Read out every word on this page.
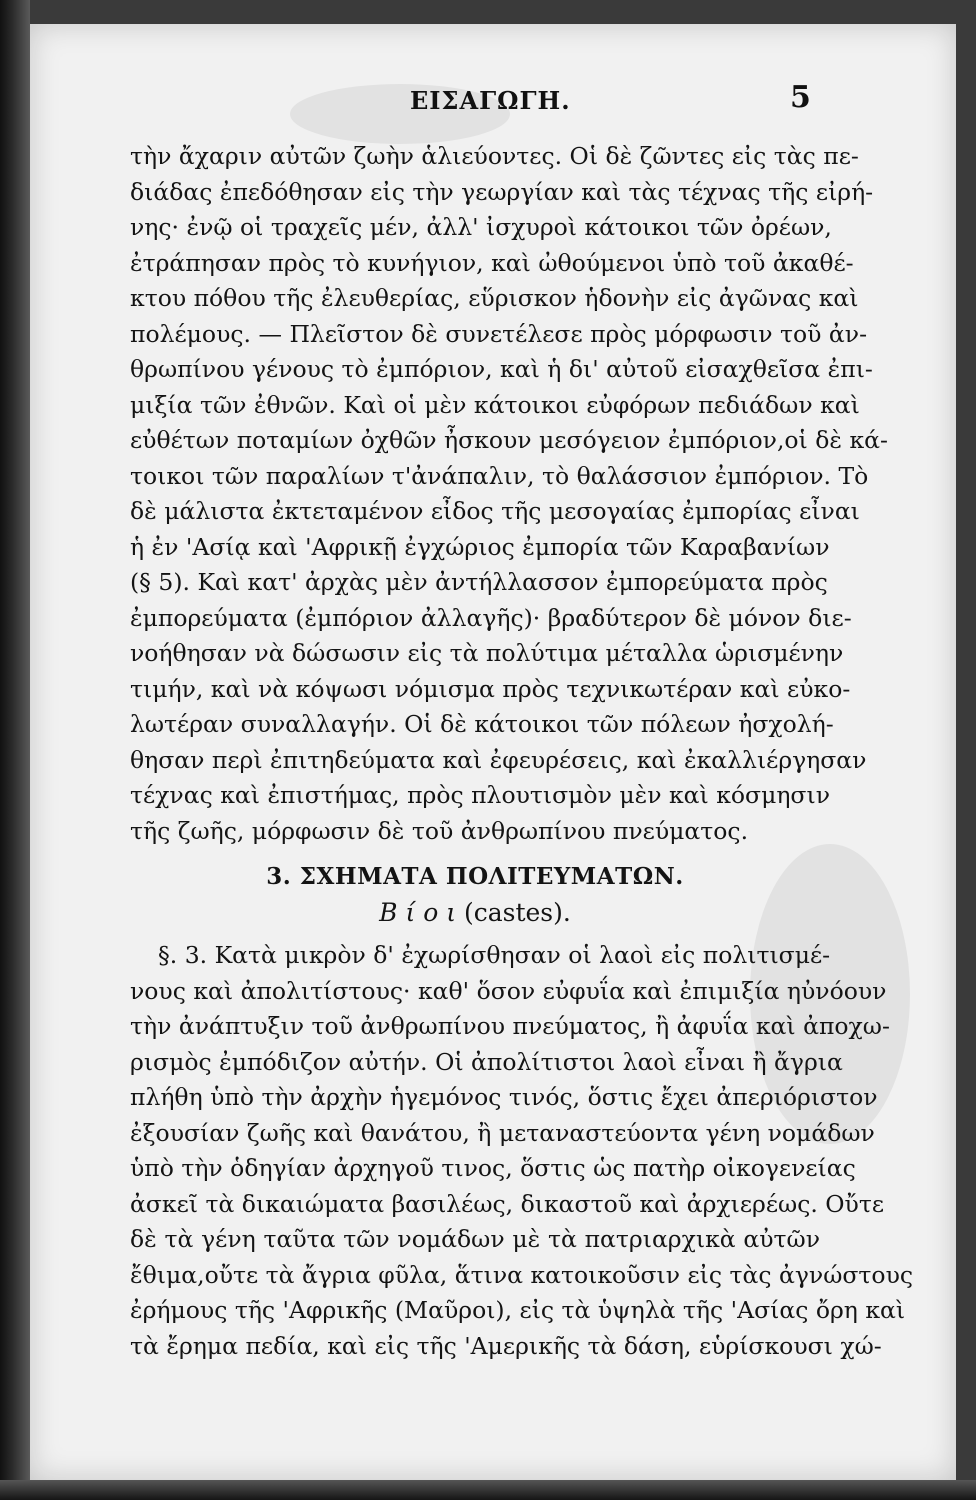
ΕΙΣΑΓΩΓΗ.	5
τὴν ἄχαριν αὐτῶν ζωὴν ἁλιεύοντες. Οἱ δὲ ζῶντες εἰς τὰς πε-
διάδας ἐπεδόθησαν εἰς τὴν γεωργίαν καὶ τὰς τέχνας τῆς εἰρή-
νης· ἐνῷ οἱ τραχεῖς μέν, ἀλλ' ἰσχυροὶ κάτοικοι τῶν ὀρέων,
ἐτράπησαν πρὸς τὸ κυνήγιον, καὶ ὠθούμενοι ὑπὸ τοῦ ἀκαθέ-
κτου πόθου τῆς ἐλευθερίας, εὕρισκον ἡδονὴν εἰς ἀγῶνας καὶ
πολέμους. — Πλεῖστον δὲ συνετέλεσε πρὸς μόρφωσιν τοῦ ἀν-
θρωπίνου γένους τὸ ἐμπόριον, καὶ ἡ δι' αὐτοῦ εἰσαχθεῖσα ἐπι-
μιξία τῶν ἐθνῶν. Καὶ οἱ μὲν κάτοικοι εὐφόρων πεδιάδων καὶ
εὐθέτων ποταμίων ὀχθῶν ἦσκουν μεσόγειον ἐμπόριον,οἱ δὲ κά-
τοικοι τῶν παραλίων τ'ἀνάπαλιν, τὸ θαλάσσιον ἐμπόριον. Τὸ
δὲ μάλιστα ἐκτεταμένον εἶδος τῆς μεσογαίας ἐμπορίας εἶναι
ἡ ἐν 'Ασίᾳ καὶ 'Αφρικῇ ἐγχώριος ἐμπορία τῶν Καραβανίων
(§ 5). Καὶ κατ' ἀρχὰς μὲν ἀντήλλασσον ἐμπορεύματα πρὸς
ἐμπορεύματα (ἐμπόριον ἀλλαγῆς)· βραδύτερον δὲ μόνον διε-
νοήθησαν νὰ δώσωσιν εἰς τὰ πολύτιμα μέταλλα ὡρισμένην
τιμήν, καὶ νὰ κόψωσι νόμισμα πρὸς τεχνικωτέραν καὶ εὐκο-
λωτέραν συναλλαγήν. Οἱ δὲ κάτοικοι τῶν πόλεων ἠσχολή-
θησαν περὶ ἐπιτηδεύματα καὶ ἐφευρέσεις, καὶ ἐκαλλιέργησαν
τέχνας καὶ ἐπιστήμας, πρὸς πλουτισμὸν μὲν καὶ κόσμησιν
τῆς ζωῆς, μόρφωσιν δὲ τοῦ ἀνθρωπίνου πνεύματος.
3. ΣΧΗΜΑΤΑ ΠΟΛΙΤΕΥΜΑΤΩΝ.
Β ί ο ι (castes).
§. 3. Κατὰ μικρὸν δ' ἐχωρίσθησαν οἱ λαοὶ εἰς πολιτισμέ-
νους καὶ ἀπολιτίστους· καθ' ὅσον εὐφυΐα καὶ ἐπιμιξία ηὐνόουν
τὴν ἀνάπτυξιν τοῦ ἀνθρωπίνου πνεύματος, ἢ ἀφυΐα καὶ ἀποχω-
ρισμὸς ἐμπόδιζον αὐτήν. Οἱ ἀπολίτιστοι λαοὶ εἶναι ἢ ἄγρια
πλήθη ὑπὸ τὴν ἀρχὴν ἡγεμόνος τινός, ὅστις ἔχει ἀπεριόριστον
ἐξουσίαν ζωῆς καὶ θανάτου, ἢ μεταναστεύοντα γένη νομάδων
ὑπὸ τὴν ὁδηγίαν ἀρχηγοῦ τινος, ὅστις ὡς πατὴρ οἰκογενείας
ἀσκεῖ τὰ δικαιώματα βασιλέως, δικαστοῦ καὶ ἀρχιερέως. Οὔτε
δὲ τὰ γένη ταῦτα τῶν νομάδων μὲ τὰ πατριαρχικὰ αὐτῶν
ἔθιμα,οὔτε τὰ ἄγρια φῦλα, ἅτινα κατοικοῦσιν εἰς τὰς ἀγνώστους
ἐρήμους τῆς 'Αφρικῆς (Μαῦροι), εἰς τὰ ὑψηλὰ τῆς 'Ασίας ὄρη καὶ
τὰ ἔρημα πεδία, καὶ εἰς τῆς 'Αμερικῆς τὰ δάση, εὑρίσκουσι χώ-
